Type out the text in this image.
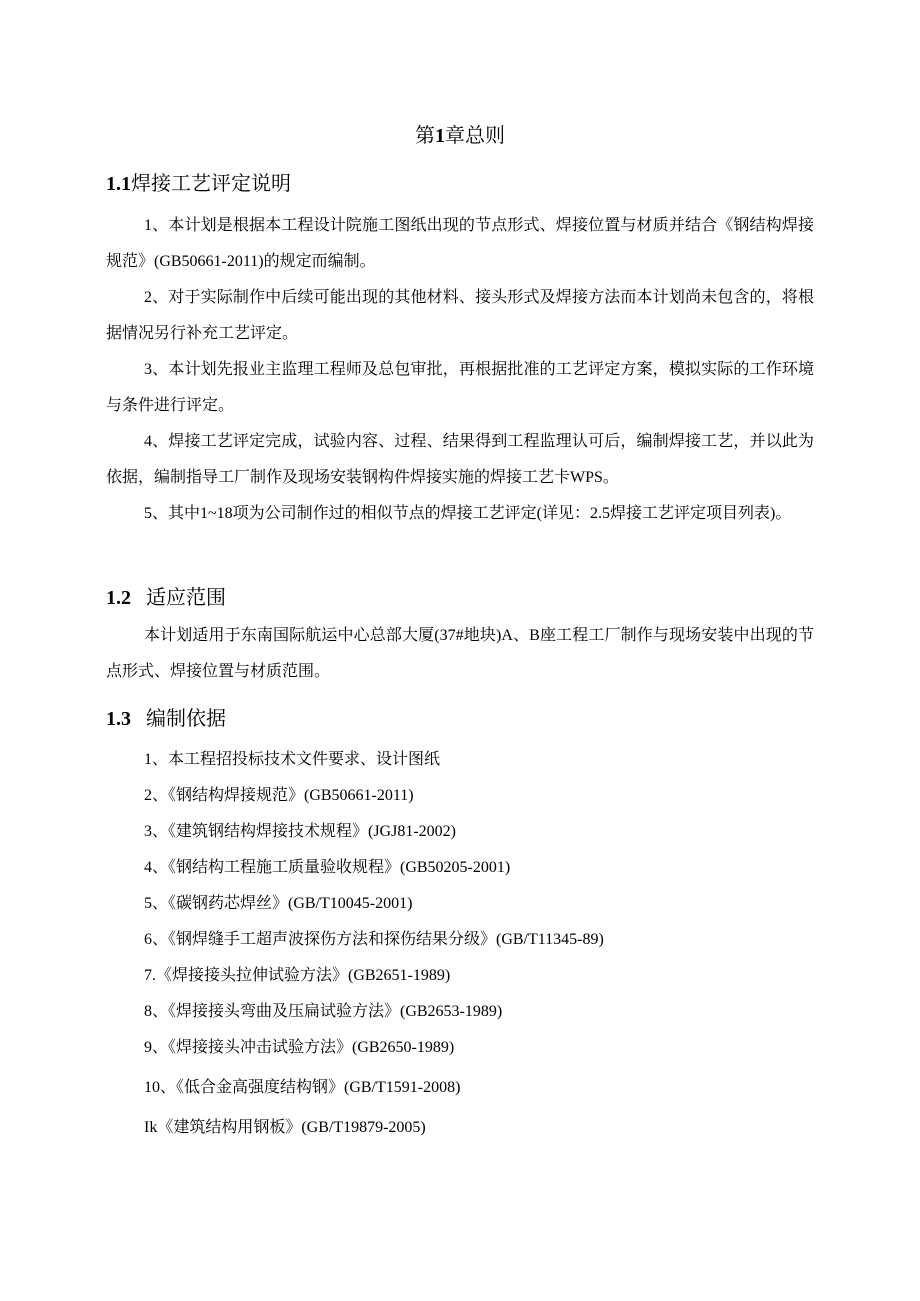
第1章总则
1.1焊接工艺评定说明
1、本计划是根据本工程设计院施工图纸出现的节点形式、焊接位置与材质并结合《钢结构焊接规范》(GB50661-2011)的规定而编制。
2、对于实际制作中后续可能出现的其他材料、接头形式及焊接方法而本计划尚未包含的，将根据情况另行补充工艺评定。
3、本计划先报业主监理工程师及总包审批，再根据批准的工艺评定方案，模拟实际的工作环境与条件进行评定。
4、焊接工艺评定完成，试验内容、过程、结果得到工程监理认可后，编制焊接工艺，并以此为依据，编制指导工厂制作及现场安装钢构件焊接实施的焊接工艺卡WPS。
5、其中1~18项为公司制作过的相似节点的焊接工艺评定(详见：2.5焊接工艺评定项目列表)。
1.2 适应范围
本计划适用于东南国际航运中心总部大厦(37#地块)A、B座工程工厂制作与现场安装中出现的节点形式、焊接位置与材质范围。
1.3 编制依据
1、本工程招投标技术文件要求、设计图纸
2、《钢结构焊接规范》(GB50661-2011)
3、《建筑钢结构焊接技术规程》(JGJ81-2002)
4、《钢结构工程施工质量验收规程》(GB50205-2001)
5、《碳钢药芯焊丝》(GB/T10045-2001)
6、《钢焊缝手工超声波探伤方法和探伤结果分级》(GB/T11345-89)
7.《焊接接头拉伸试验方法》(GB2651-1989)
8、《焊接接头弯曲及压扁试验方法》(GB2653-1989)
9、《焊接接头冲击试验方法》(GB2650-1989)
10、《低合金高强度结构钢》(GB/T1591-2008)
Ik《建筑结构用钢板》(GB/T19879-2005)
